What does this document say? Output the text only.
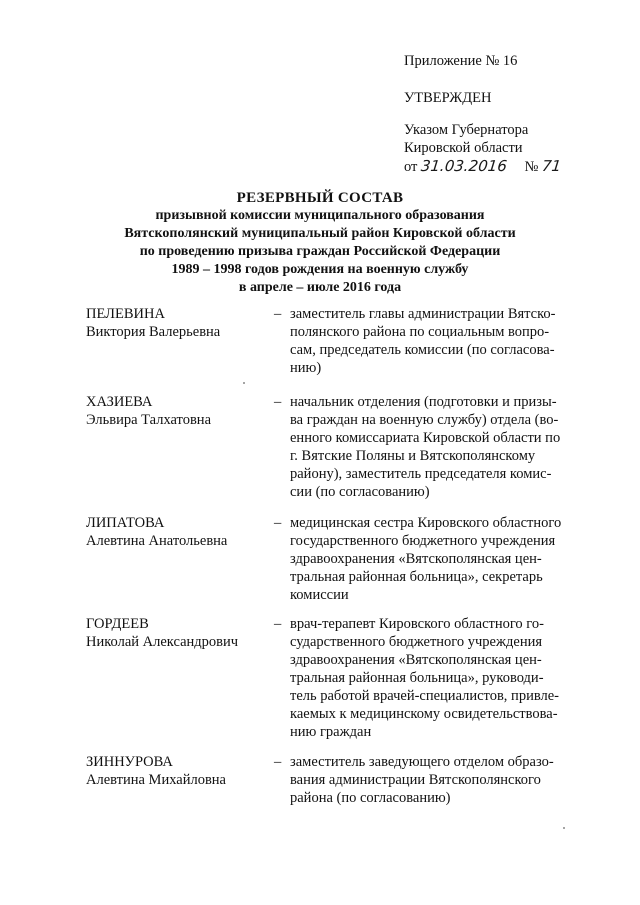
Приложение № 16
УТВЕРЖДЕН
Указом Губернатора
Кировской области
от 31.03.2016 № 71
РЕЗЕРВНЫЙ СОСТАВ
призывной комиссии муниципального образования
Вятскополянский муниципальный район Кировской области
по проведению призыва граждан Российской Федерации
1989 – 1998 годов рождения на военную службу
в апреле – июле 2016 года
ПЕЛЕВИНА
Виктория Валерьевна
– заместитель главы администрации Вятско-
полянского района по социальным вопро-
сам, председатель комиссии (по согласова-
нию)
ХАЗИЕВА
Эльвира Талхатовна
– начальник отделения (подготовки и призы-
ва граждан на военную службу) отдела (во-
енного комиссариата Кировской области по
г. Вятские Поляны и Вятскополянскому
району), заместитель председателя комис-
сии (по согласованию)
ЛИПАТОВА
Алевтина Анатольевна
– медицинская сестра Кировского областного
государственного бюджетного учреждения
здравоохранения «Вятскополянская цен-
тральная районная больница», секретарь
комиссии
ГОРДЕЕВ
Николай Александрович
– врач-терапевт Кировского областного го-
сударственного бюджетного учреждения
здравоохранения «Вятскополянская цен-
тральная районная больница», руководи-
тель работой врачей-специалистов, привле-
каемых к медицинскому освидетельствова-
нию граждан
ЗИННУРОВА
Алевтина Михайловна
– заместитель заведующего отделом образо-
вания администрации Вятскополянского
района (по согласованию)
